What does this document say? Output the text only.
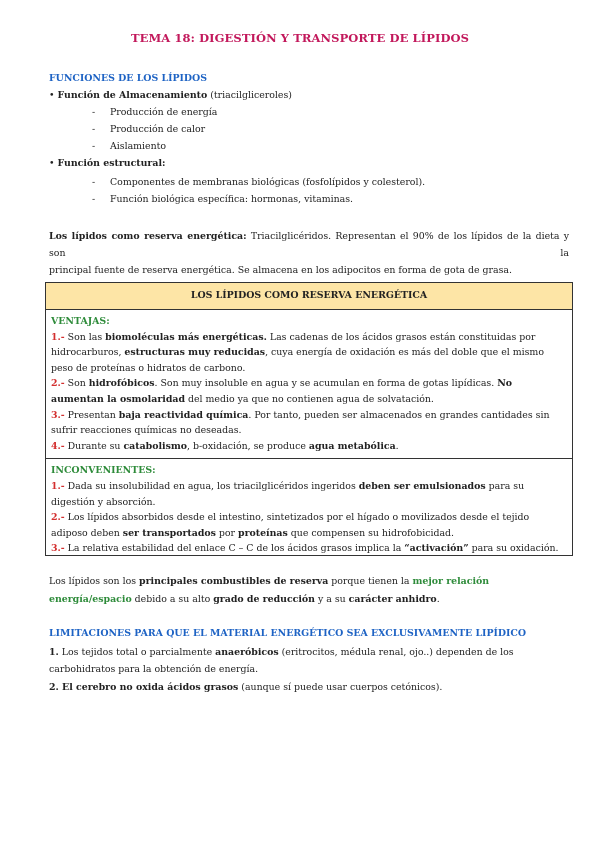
TEMA 18: DIGESTIÓN Y TRANSPORTE DE LÍPIDOS
FUNCIONES DE LOS LÍPIDOS
• Función de Almacenamiento (triacilgliceroles)
- Producción de energía
- Producción de calor
- Aislamiento
• Función estructural:
- Componentes de membranas biológicas (fosfolípidos y colesterol).
- Función biológica específica: hormonas, vitaminas.
Los lípidos como reserva energética: Triacilglicéridos. Representan el 90% de los lípidos de la dieta y son la
principal fuente de reserva energética. Se almacena en los adipocitos en forma de gota de grasa.
LOS LÍPIDOS COMO RESERVA ENERGÉTICA
VENTAJAS:
1.- Son las biomoléculas más energéticas. Las cadenas de los ácidos grasos están constituidas por hidrocarburos, estructuras muy reducidas, cuya energía de oxidación es más del doble que el mismo peso de proteínas o hidratos de carbono.
2.- Son hidrofóbicos. Son muy insoluble en agua y se acumulan en forma de gotas lipídicas. No aumentan la osmolaridad del medio ya que no contienen agua de solvatación.
3.- Presentan baja reactividad química. Por tanto, pueden ser almacenados en grandes cantidades sin sufrir reacciones químicas no deseadas.
4.- Durante su catabolismo, b-oxidación, se produce agua metabólica.
INCONVENIENTES:
1.- Dada su insolubilidad en agua, los triacilglicéridos ingeridos deben ser emulsionados para su digestión y absorción.
2.- Los lípidos absorbidos desde el intestino, sintetizados por el hígado o movilizados desde el tejido adiposo deben ser transportados por proteínas que compensen su hidrofobicidad.
3.- La relativa estabilidad del enlace C – C de los ácidos grasos implica la “activación” para su oxidación.
Los lípidos son los principales combustibles de reserva porque tienen la mejor relación energía/espacio debido a su alto grado de reducción y a su carácter anhidro.
LIMITACIONES PARA QUE EL MATERIAL ENERGÉTICO SEA EXCLUSIVAMENTE LIPÍDICO
1. Los tejidos total o parcialmente anaeróbicos (eritrocitos, médula renal, ojo..) dependen de los carbohidratos para la obtención de energía.
2. El cerebro no oxida ácidos grasos (aunque sí puede usar cuerpos cetónicos).
